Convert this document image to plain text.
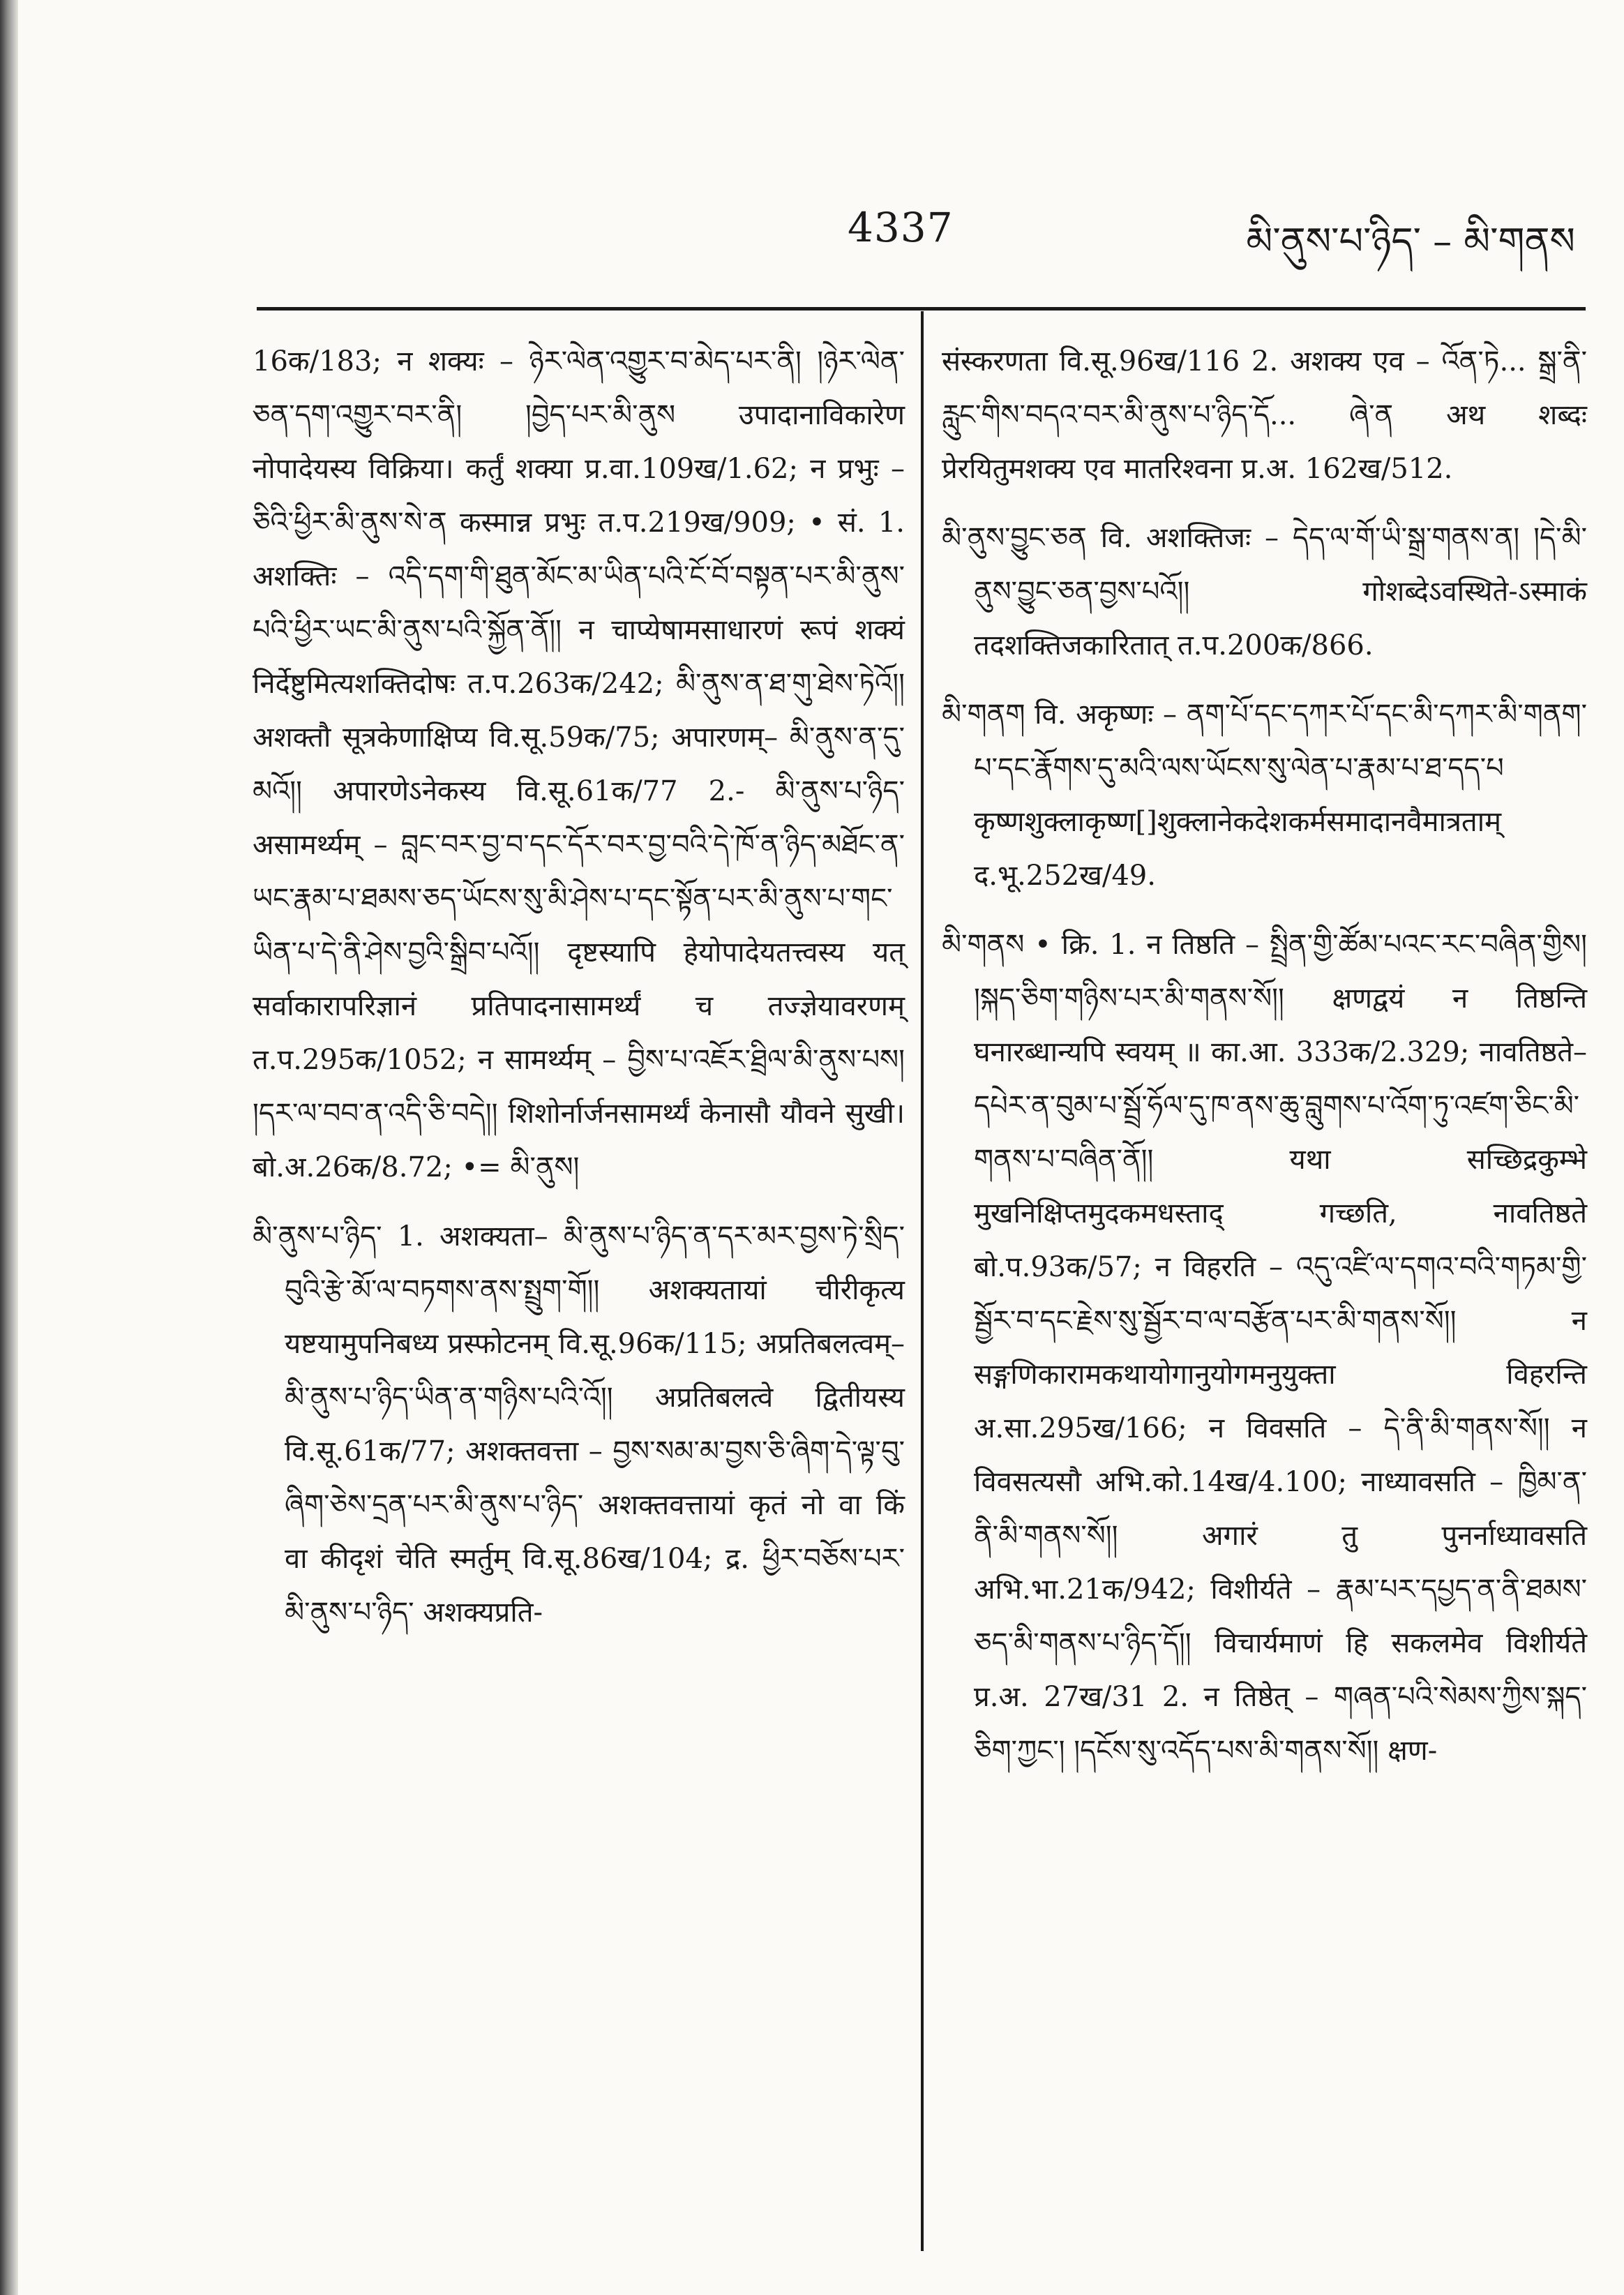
4337	མི་ནུས་པ་ཉིད་ – མི་གནས

16क/183; न शक्यः – ཉེར་ལེན་འགྱུར་བ་མེད་པར་ནི། །ཉེར་ལེན་ཅན་དག་འགྱུར་བར་ནི། །བྱེད་པར་མི་ནུས उपादानाविकारेण नोपादेयस्य विक्रिया। कर्तुं शक्या प्र.वा.109ख/1.62; न प्रभुः – ཅིའི་ཕྱིར་མི་ནུས་སེ་ན कस्मान्न प्रभुः त.प.219ख/909; • सं. 1. अशक्तिः – འདི་དག་གི་ཐུན་མོང་མ་ཡིན་པའི་ངོ་བོ་བསྟན་པར་མི་ནུས་པའི་ཕྱིར་ཡང་མི་ནུས་པའི་སྐྱོན་ནོ།། न चाप्येषामसाधारणं रूपं शक्यं निर्देष्टुमित्यशक्तिदोषः त.प.263क/242; མི་ནུས་ན་ཐ་གུ་ཐེས་ཏེའོ།། अशक्तौ सूत्रकेणाक्षिप्य वि.सू.59क/75; अपारणम्– མི་ནུས་ན་དུ་མའོ།། अपारणेऽनेकस्य वि.सू.61क/77 2.- མི་ནུས་པ་ཉིད་ असामर्थ्यम् – བླང་བར་བྱ་བ་དང་དོར་བར་བྱ་བའི་དེ་ཁོ་ན་ཉིད་མཐོང་ན་ཡང་རྣམ་པ་ཐམས་ཅད་ཡོངས་སུ་མི་ཤེས་པ་དང་སྟོན་པར་མི་ནུས་པ་གང་ཡིན་པ་དེ་ནི་ཤེས་བྱའི་སྒྲིབ་པའོ།། दृष्टस्यापि हेयोपादेयतत्त्वस्य यत् सर्वाकारापरिज्ञानं प्रतिपादनासामर्थ्यं च तज्ज्ञेयावरणम् त.प.295क/1052; न सामर्थ्यम् – བྱིས་པ་འཇོར་ཐྲིལ་མི་ནུས་པས། །དར་ལ་བབ་ན་འདི་ཅི་བདེ།། शिशोर्नार्जनसामर्थ्यं केनासौ यौवने सुखी। बो.अ.26क/8.72; •= མི་ནུས།

མི་ནུས་པ་ཉིད་ 1. अशक्यता– མི་ནུས་པ་ཉིད་ན་དར་མར་བྱས་ཏེ་སྲིད་བུའི་རྩེ་མོ་ལ་བཏགས་ནས་སྤྲུག་གོ།། अशक्यतायां चीरीकृत्य यष्टयामुपनिबध्य प्रस्फोटनम् वि.सू.96क/115; अप्रतिबलत्वम्– མི་ནུས་པ་ཉིད་ཡིན་ན་གཉིས་པའི་འོ།། अप्रतिबलत्वे द्वितीयस्य वि.सू.61क/77; अशक्तवत्ता – བྱས་སམ་མ་བྱས་ཅི་ཞིག་དེ་ལྟ་བུ་ཞིག་ཅེས་དྲན་པར་མི་ནུས་པ་ཉིད་ अशक्तवत्तायां कृतं नो वा किं वा कीदृशं चेति स्मर्तुम् वि.सू.86ख/104; द्र. ཕྱིར་བཅོས་པར་མི་ནུས་པ་ཉིད་ अशक्यप्रति-

संस्करणता वि.सू.96ख/116 2. अशक्य एव – འོན་ཏེ... སྒྲ་ནི་རླུང་གིས་བདའ་བར་མི་ནུས་པ་ཉིད་དོ... ཞེ་ན अथ शब्दः प्रेरयितुमशक्य एव मातरिश्वना प्र.अ. 162ख/512.

མི་ནུས་བྱུང་ཅན वि. अशक्तिजः – དེད་ལ་གོ་ཡི་སྒྲ་གནས་ན། །དེ་མི་ནུས་བྱུང་ཅན་བྱས་པའོ།། गोशब्देऽवस्थिते-ऽस्माकं तदशक्तिजकारितात् त.प.200क/866.

མི་གནག वि. अकृष्णः – ནག་པོ་དང་དཀར་པོ་དང་མི་དཀར་མི་གནག་པ་དང་རྣོགས་དུ་མའི་ལས་ཡོངས་སུ་ལེན་པ་རྣམ་པ་ཐ་དད་པ कृष्णशुक्लाकृष्ण[]शुक्लानेकदेशकर्मसमादानवैमात्रताम् द.भू.252ख/49.

མི་གནས • क्रि. 1. न तिष्ठति – སྤྲིན་གྱི་ཚོམ་པའང་རང་བཞིན་གྱིས། །སྐད་ཅིག་གཉིས་པར་མི་གནས་སོ།། क्षणद्वयं न तिष्ठन्ति घनारब्धान्यपि स्वयम् ॥ का.आ. 333क/2.329; नावतिष्ठते– དཔེར་ན་བུམ་པ་སྦྲོ་ཧོལ་དུ་ཁ་ནས་ཆུ་བླུགས་པ་འོག་ཏུ་འཛག་ཅིང་མི་གནས་པ་བཞིན་ནོ།། यथा सच्छिद्रकुम्भे मुखनिक्षिप्तमुदकमधस्ताद् गच्छति, नावतिष्ठते बो.प.93क/57; न विहरति – འདུ་འཛི་ལ་དགའ་བའི་གཏམ་གྱི་སྦྱོར་བ་དང་རྗེས་སུ་སྦྱོར་བ་ལ་བརྩོན་པར་མི་གནས་སོ།། न सङ्गणिकारामकथायोगानुयोगमनुयुक्ता विहरन्ति अ.सा.295ख/166; न विवसति – དེ་ནི་མི་གནས་སོ།། न विवसत्यसौ अभि.को.14ख/4.100; नाध्यावसति – ཁྱིམ་ན་ནི་མི་གནས་སོ།། अगारं तु पुनर्नाध्यावसति अभि.भा.21क/942; विशीर्यते – རྣམ་པར་དཔྱད་ན་ནི་ཐམས་ཅད་མི་གནས་པ་ཉིད་དོ།། विचार्यमाणं हि सकलमेव विशीर्यते प्र.अ. 27ख/31 2. न तिष्ठेत् – གཞན་པའི་སེམས་ཀྱིས་སྐད་ཅིག་ཀྱང་། །དངོས་སུ་འདོད་པས་མི་གནས་སོ།། क्षण-
